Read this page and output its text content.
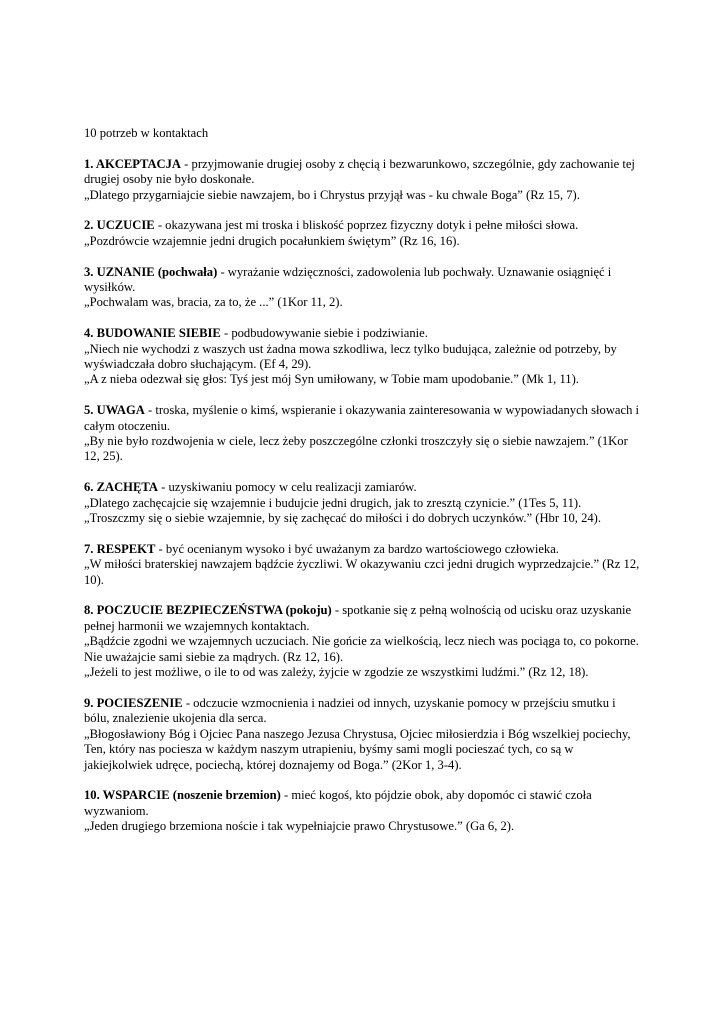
10 potrzeb w kontaktach

1. AKCEPTACJA - przyjmowanie drugiej osoby z chęcią i bezwarunkowo, szczególnie, gdy zachowanie tej drugiej osoby nie było doskonałe.

„Dlatego przygarniajcie siebie nawzajem, bo i Chrystus przyjął was - ku chwale Boga” (Rz 15, 7).

2. UCZUCIE - okazywana jest mi troska i bliskość poprzez fizyczny dotyk i pełne miłości słowa.

„Pozdrówcie wzajemnie jedni drugich pocałunkiem świętym” (Rz 16, 16).

3. UZNANIE (pochwała) - wyrażanie wdzięczności, zadowolenia lub pochwały. Uznawanie osiągnięć i wysiłków.

„Pochwalam was, bracia, za to, że ...” (1Kor 11, 2).

4. BUDOWANIE SIEBIE - podbudowywanie siebie i podziwianie.

„Niech nie wychodzi z waszych ust żadna mowa szkodliwa, lecz tylko budująca, zależnie od potrzeby, by wyświadczała dobro słuchającym. (Ef 4, 29).

„A z nieba odezwał się głos: Tyś jest mój Syn umiłowany, w Tobie mam upodobanie.” (Mk 1, 11).

5. UWAGA - troska, myślenie o kimś, wspieranie i okazywania zainteresowania w wypowiadanych słowach i całym otoczeniu.

„By nie było rozdwojenia w ciele, lecz żeby poszczególne członki troszczyły się o siebie nawzajem.” (1Kor 12, 25).

6. ZACHĘTA - uzyskiwaniu pomocy w celu realizacji zamiarów.

„Dlatego zachęcajcie się wzajemnie i budujcie jedni drugich, jak to zresztą czynicie.” (1Tes 5, 11).

„Troszczmy się o siebie wzajemnie, by się zachęcać do miłości i do dobrych uczynków.” (Hbr 10, 24).

7. RESPEKT - być ocenianym wysoko i być uważanym za bardzo wartościowego człowieka.

„W miłości braterskiej nawzajem bądźcie życzliwi. W okazywaniu czci jedni drugich wyprzedzajcie.” (Rz 12, 10).

8. POCZUCIE BEZPIECZEŃSTWA (pokoju) - spotkanie się z pełną wolnością od ucisku oraz uzyskanie pełnej harmonii we wzajemnych kontaktach.

„Bądźcie zgodni we wzajemnych uczuciach. Nie gońcie za wielkością, lecz niech was pociąga to, co pokorne. Nie uważajcie sami siebie za mądrych. (Rz 12, 16).

„Jeżeli to jest możliwe, o ile to od was zależy, żyjcie w zgodzie ze wszystkimi ludźmi.” (Rz 12, 18).

9. POCIESZENIE - odczucie wzmocnienia i nadziei od innych, uzyskanie pomocy w przejściu smutku i bólu, znalezienie ukojenia dla serca.

„Błogosławiony Bóg i Ojciec Pana naszego Jezusa Chrystusa, Ojciec miłosierdzia i Bóg wszelkiej pociechy, Ten, który nas pociesza w każdym naszym utrapieniu, byśmy sami mogli pocieszać tych, co są w jakiejkolwiek udręce, pociechą, której doznajemy od Boga.” (2Kor 1, 3-4).

10. WSPARCIE (noszenie brzemion) - mieć kogoś, kto pójdzie obok, aby dopomóc ci stawić czoła wyzwaniom.

„Jeden drugiego brzemiona noście i tak wypełniajcie prawo Chrystusowe.” (Ga 6, 2).
